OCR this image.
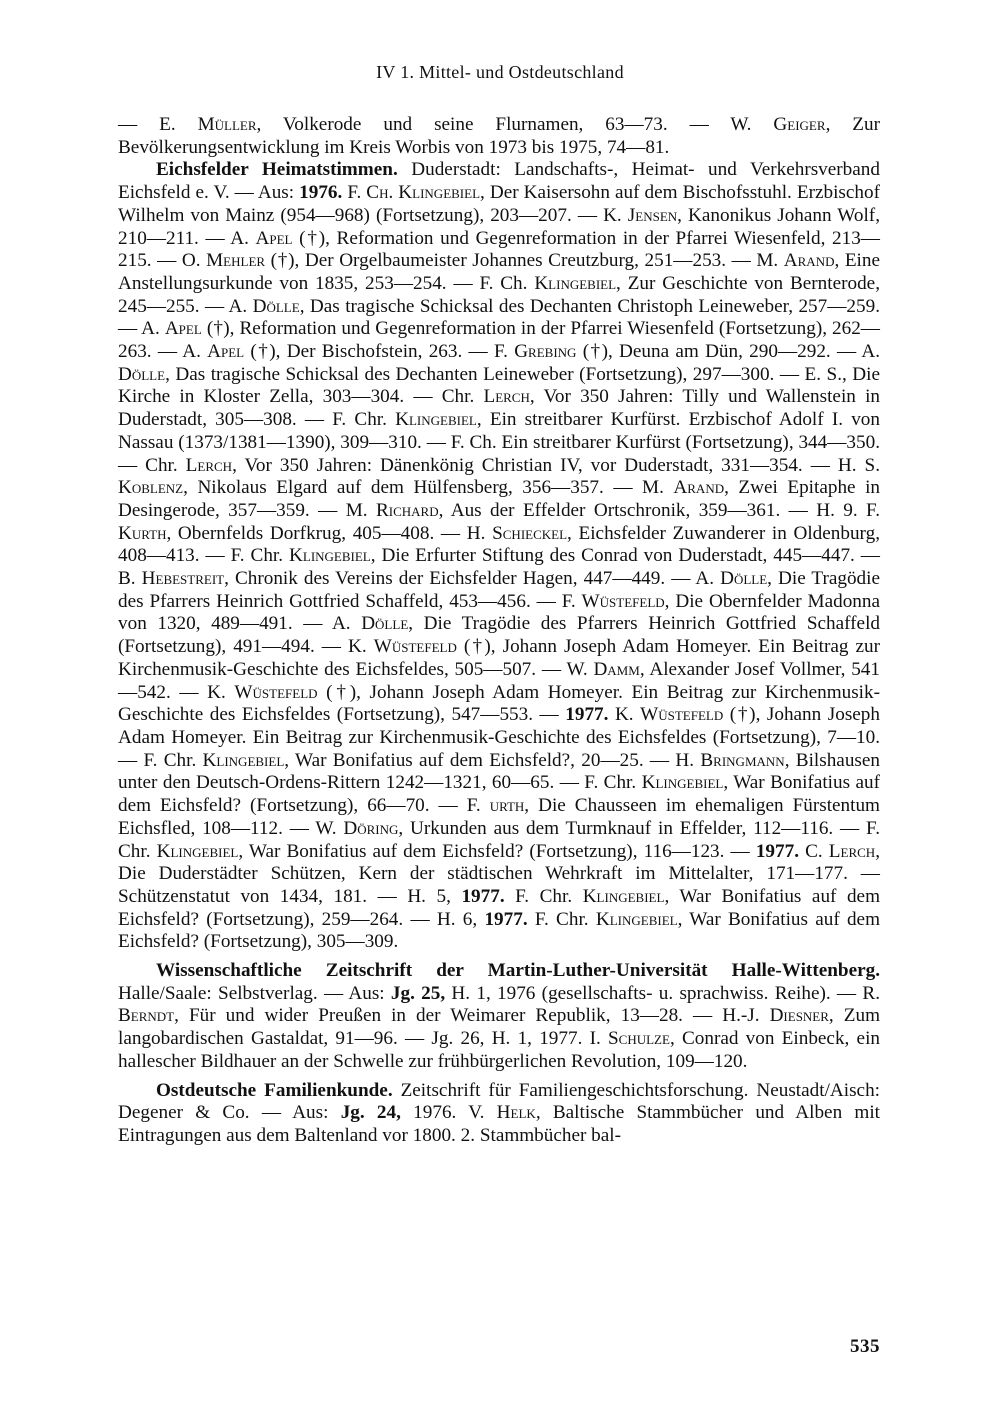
IV 1. Mittel- und Ostdeutschland

— E. Müller, Volkerode und seine Flurnamen, 63—73. — W. Geiger, Zur Bevölkerungsentwicklung im Kreis Worbis von 1973 bis 1975, 74—81.

Eichsfelder Heimatstimmen. Duderstadt: Landschafts-, Heimat- und Verkehrsverband Eichsfeld e. V. — Aus: 1976. F. Ch. Klingebiel, Der Kaisersohn auf dem Bischofsstuhl. Erzbischof Wilhelm von Mainz (954—968) (Fortsetzung), 203—207. — K. Jensen, Kanonikus Johann Wolf, 210—211. — A. Apel (†), Reformation und Gegenreformation in der Pfarrei Wiesenfeld, 213—215. — O. Mehler (†), Der Orgelbaumeister Johannes Creutzburg, 251—253. — M. Arand, Eine Anstellungsurkunde von 1835, 253—254. — F. Ch. Klingebiel, Zur Geschichte von Bernterode, 245—255. — A. Dölle, Das tragische Schicksal des Dechanten Christoph Leineweber, 257—259. — A. Apel (†), Reformation und Gegenreformation in der Pfarrei Wiesenfeld (Fortsetzung), 262—263. — A. Apel (†), Der Bischofstein, 263. — F. Grebing (†), Deuna am Dün, 290—292. — A. Dölle, Das tragische Schicksal des Dechanten Leineweber (Fortsetzung), 297—300. — E. S., Die Kirche in Kloster Zella, 303—304. — Chr. Lerch, Vor 350 Jahren: Tilly und Wallenstein in Duderstadt, 305—308. — F. Chr. Klingebiel, Ein streitbarer Kurfürst. Erzbischof Adolf I. von Nassau (1373/1381—1390), 309—310. — F. Ch. Ein streitbarer Kurfürst (Fortsetzung), 344—350. — Chr. Lerch, Vor 350 Jahren: Dänenkönig Christian IV, vor Duderstadt, 331—354. — H. S. Koblenz, Nikolaus Elgard auf dem Hülfensberg, 356—357. — M. Arand, Zwei Epitaphe in Desingerode, 357—359. — M. Richard, Aus der Effelder Ortschronik, 359—361. — H. 9. F. Kurth, Obernfelds Dorfkrug, 405—408. — H. Schieckel, Eichsfelder Zuwanderer in Oldenburg, 408—413. — F. Chr. Klingebiel, Die Erfurter Stiftung des Conrad von Duderstadt, 445—447. — B. Hebestreit, Chronik des Vereins der Eichsfelder Hagen, 447—449. — A. Dölle, Die Tragödie des Pfarrers Heinrich Gottfried Schaffeld, 453—456. — F. Wüstefeld, Die Obernfelder Madonna von 1320, 489—491. — A. Dölle, Die Tragödie des Pfarrers Heinrich Gottfried Schaffeld (Fortsetzung), 491—494. — K. Wüstefeld (†), Johann Joseph Adam Homeyer. Ein Beitrag zur Kirchenmusik-Geschichte des Eichsfeldes, 505—507. — W. Damm, Alexander Josef Vollmer, 541—542. — K. Wüstefeld (†), Johann Joseph Adam Homeyer. Ein Beitrag zur Kirchenmusik-Geschichte des Eichsfeldes (Fortsetzung), 547—553. — 1977. K. Wüstefeld (†), Johann Joseph Adam Homeyer. Ein Beitrag zur Kirchenmusik-Geschichte des Eichsfeldes (Fortsetzung), 7—10. — F. Chr. Klingebiel, War Bonifatius auf dem Eichsfeld?, 20—25. — H. Bringmann, Bilshausen unter den Deutsch-Ordens-Rittern 1242—1321, 60—65. — F. Chr. Klingebiel, War Bonifatius auf dem Eichsfeld? (Fortsetzung), 66—70. — F. urth, Die Chausseen im ehemaligen Fürstentum Eichsfled, 108—112. — W. Döring, Urkunden aus dem Turmknauf in Effelder, 112—116. — F. Chr. Klingebiel, War Bonifatius auf dem Eichsfeld? (Fortsetzung), 116—123. — 1977. C. Lerch, Die Duderstädter Schützen, Kern der städtischen Wehrkraft im Mittelalter, 171—177. — Schützenstatut von 1434, 181. — H. 5, 1977. F. Chr. Klingebiel, War Bonifatius auf dem Eichsfeld? (Fortsetzung), 259—264. — H. 6, 1977. F. Chr. Klingebiel, War Bonifatius auf dem Eichsfeld? (Fortsetzung), 305—309.

Wissenschaftliche Zeitschrift der Martin-Luther-Universität Halle-Wittenberg. Halle/Saale: Selbstverlag. — Aus: Jg. 25, H. 1, 1976 (gesellschafts- u. sprachwiss. Reihe). — R. Berndt, Für und wider Preußen in der Weimarer Republik, 13—28. — H.-J. Diesner, Zum langobardischen Gastaldat, 91—96. — Jg. 26, H. 1, 1977. I. Schulze, Conrad von Einbeck, ein hallescher Bildhauer an der Schwelle zur frühbürgerlichen Revolution, 109—120.

Ostdeutsche Familienkunde. Zeitschrift für Familiengeschichtsforschung. Neustadt/Aisch: Degener & Co. — Aus: Jg. 24, 1976. V. Helk, Baltische Stammbücher und Alben mit Eintragungen aus dem Baltenland vor 1800. 2. Stammbücher bal-

535
